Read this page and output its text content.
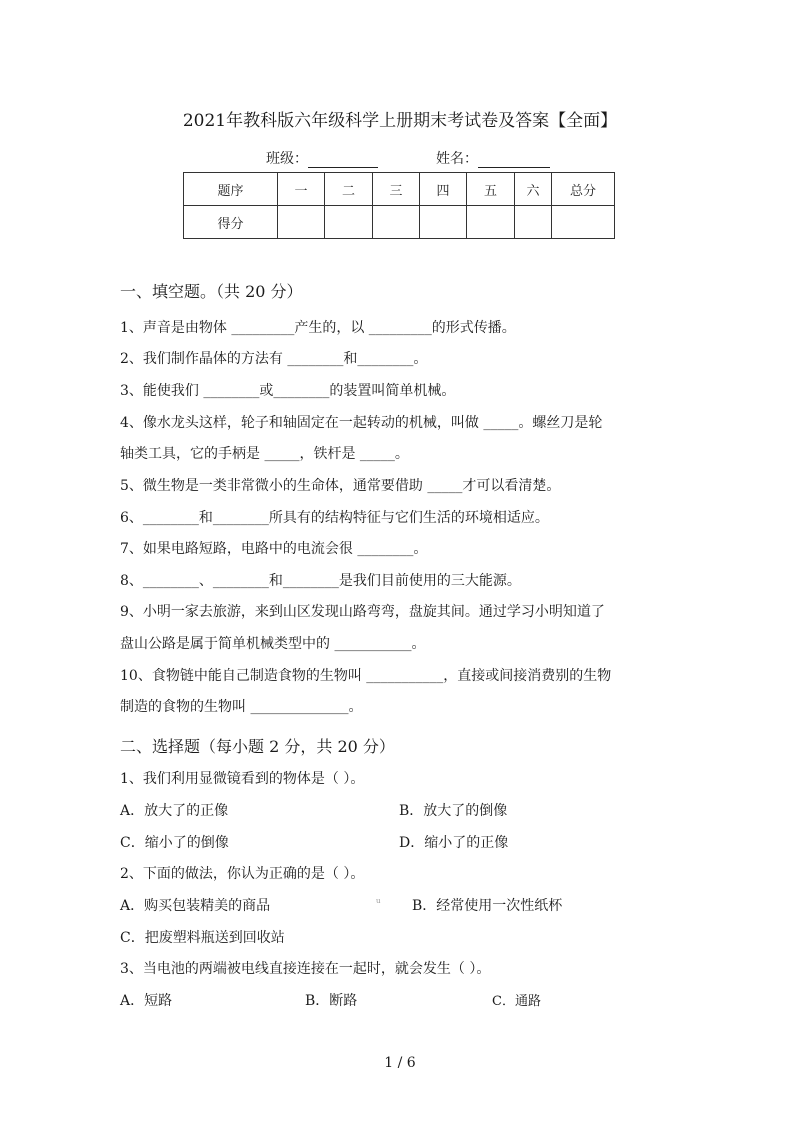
2021年教科版六年级科学上册期末考试卷及答案【全面】
班级：	姓名：
题序	一	二	三	四	五	六	总分
得分							
一、填空题。（共 20 分）
1、声音是由物体 _________产生的，以 _________的形式传播。
2、我们制作晶体的方法有 ________和________。
3、能使我们 ________或________的装置叫简单机械。
4、像水龙头这样，轮子和轴固定在一起转动的机械，叫做 _____。螺丝刀是轮
轴类工具，它的手柄是 _____，铁杆是 _____。
5、微生物是一类非常微小的生命体，通常要借助 _____才可以看清楚。
6、________和________所具有的结构特征与它们生活的环境相适应。
7、如果电路短路，电路中的电流会很 ________。
8、________、________和________是我们目前使用的三大能源。
9、小明一家去旅游，来到山区发现山路弯弯，盘旋其间。通过学习小明知道了
盘山公路是属于简单机械类型中的 ___________。
10、食物链中能自己制造食物的生物叫 ___________，直接或间接消费别的生物
制造的食物的生物叫 ______________。
二、选择题（每小题 2 分，共 20 分）
1、我们利用显微镜看到的物体是（ ）。
A．放大了的正像	B．放大了的倒像
C．缩小了的倒像	D．缩小了的正像
2、下面的做法，你认为正确的是（ ）。
A．购买包装精美的商品	u B．经常使用一次性纸杯
C．把废塑料瓶送到回收站
3、当电池的两端被电线直接连接在一起时，就会发生（ ）。
A．短路	B．断路	C．通路
1 / 6
